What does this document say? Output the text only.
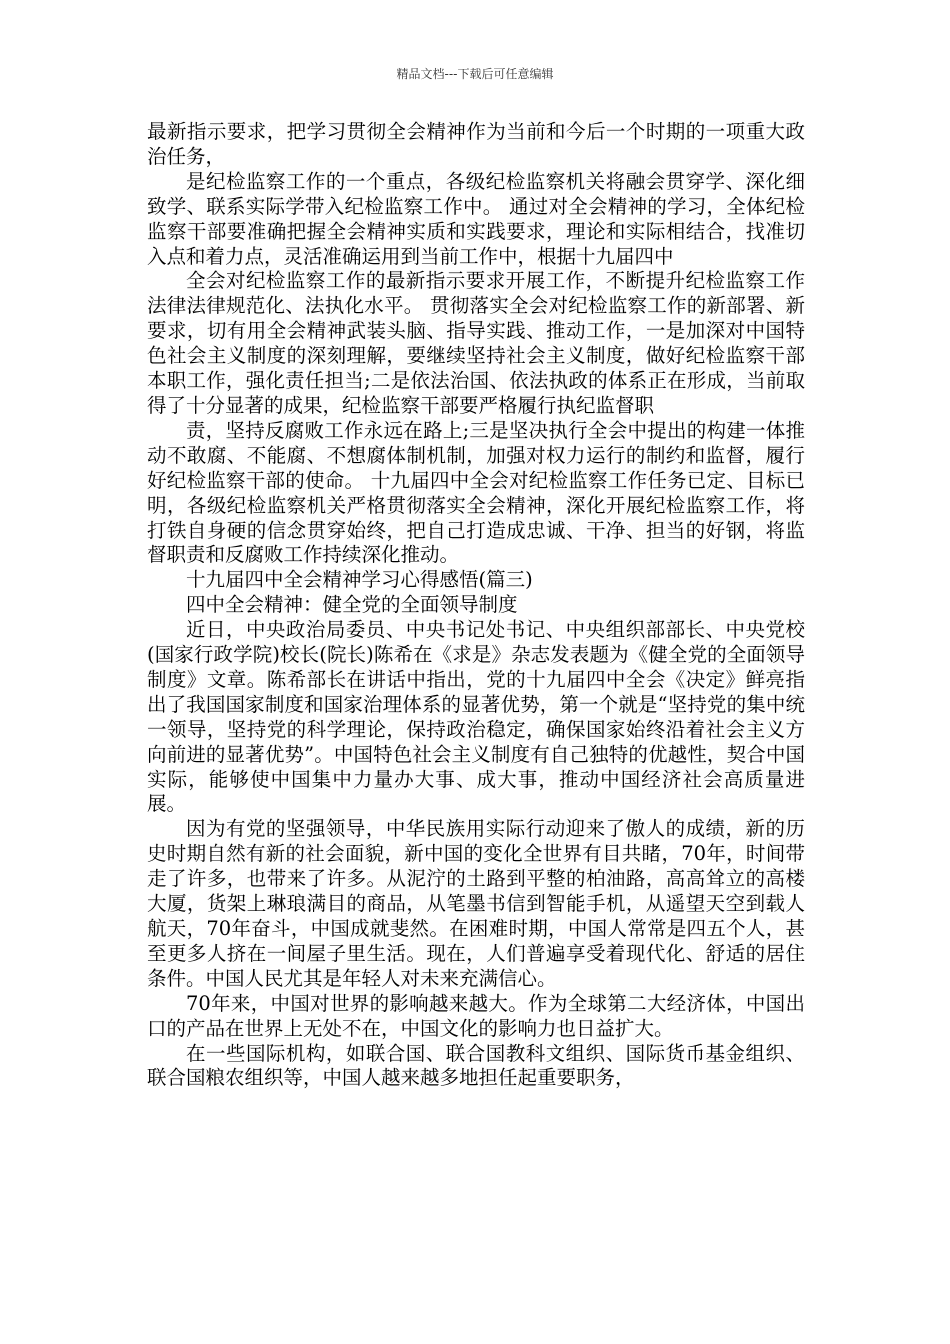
精品文档---下载后可任意编辑

最新指示要求，把学习贯彻全会精神作为当前和今后一个时期的一项重大政治任务，

是纪检监察工作的一个重点，各级纪检监察机关将融会贯穿学、深化细致学、联系实际学带入纪检监察工作中。 通过对全会精神的学习，全体纪检监察干部要准确把握全会精神实质和实践要求，理论和实际相结合，找准切入点和着力点，灵活准确运用到当前工作中，根据十九届四中

全会对纪检监察工作的最新指示要求开展工作，不断提升纪检监察工作法律法律规范化、法执化水平。 贯彻落实全会对纪检监察工作的新部署、新要求，切有用全会精神武装头脑、指导实践、推动工作，一是加深对中国特色社会主义制度的深刻理解，要继续坚持社会主义制度，做好纪检监察干部本职工作，强化责任担当;二是依法治国、依法执政的体系正在形成，当前取得了十分显著的成果，纪检监察干部要严格履行执纪监督职

责，坚持反腐败工作永远在路上;三是坚决执行全会中提出的构建一体推动不敢腐、不能腐、不想腐体制机制，加强对权力运行的制约和监督，履行好纪检监察干部的使命。 十九届四中全会对纪检监察工作任务已定、目标已明，各级纪检监察机关严格贯彻落实全会精神，深化开展纪检监察工作，将打铁自身硬的信念贯穿始终，把自己打造成忠诚、干净、担当的好钢，将监督职责和反腐败工作持续深化推动。

十九届四中全会精神学习心得感悟(篇三)

四中全会精神：健全党的全面领导制度

近日，中央政治局委员、中央书记处书记、中央组织部部长、中央党校(国家行政学院)校长(院长)陈希在《求是》杂志发表题为《健全党的全面领导制度》文章。陈希部长在讲话中指出，党的十九届四中全会《决定》鲜亮指出了我国国家制度和国家治理体系的显著优势，第一个就是“坚持党的集中统一领导，坚持党的科学理论，保持政治稳定，确保国家始终沿着社会主义方向前进的显著优势”。中国特色社会主义制度有自己独特的优越性，契合中国实际，能够使中国集中力量办大事、成大事，推动中国经济社会高质量进展。

因为有党的坚强领导，中华民族用实际行动迎来了傲人的成绩，新的历史时期自然有新的社会面貌，新中国的变化全世界有目共睹，70年，时间带走了许多，也带来了许多。从泥泞的土路到平整的柏油路，高高耸立的高楼大厦，货架上琳琅满目的商品，从笔墨书信到智能手机，从遥望天空到载人航天，70年奋斗，中国成就斐然。在困难时期，中国人常常是四五个人，甚至更多人挤在一间屋子里生活。现在，人们普遍享受着现代化、舒适的居住条件。中国人民尤其是年轻人对未来充满信心。

70年来，中国对世界的影响越来越大。作为全球第二大经济体，中国出口的产品在世界上无处不在，中国文化的影响力也日益扩大。

在一些国际机构，如联合国、联合国教科文组织、国际货币基金组织、联合国粮农组织等，中国人越来越多地担任起重要职务，
